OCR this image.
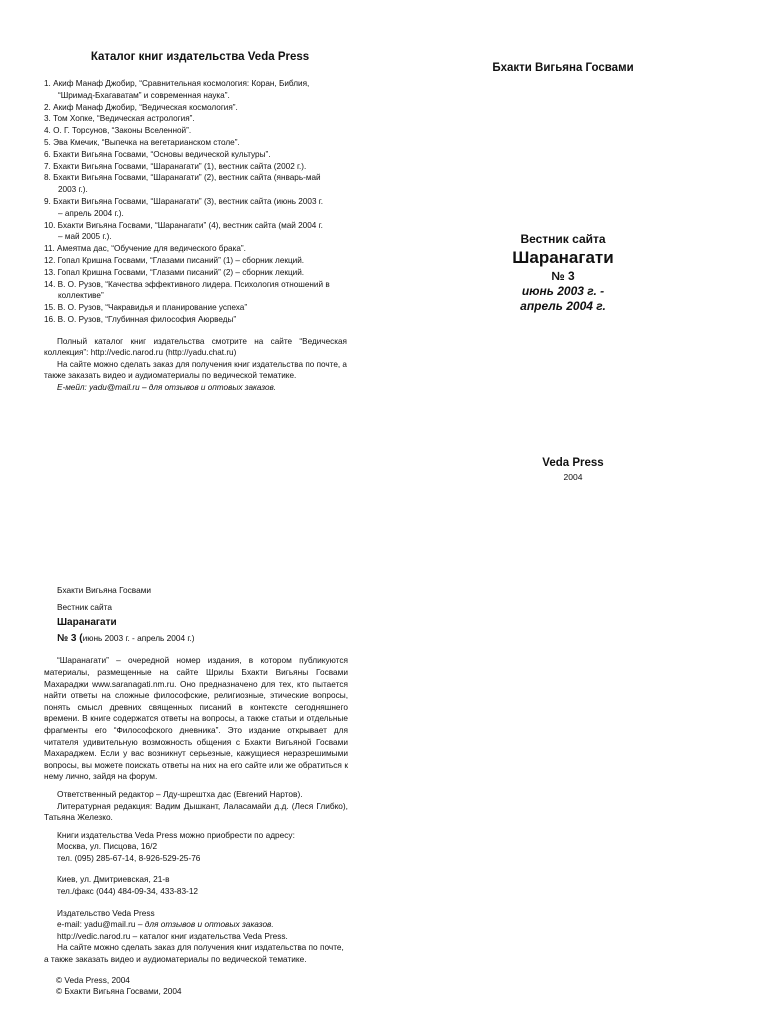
Каталог книг издательства Veda Press
1. Акиф Манаф Джобир, “Сравнительная космология: Коран, Библия,
“Шримад-Бхагаватам” и современная наука”.
2. Акиф Манаф Джобир, “Ведическая космология”.
3. Том Хопке, “Ведическая астрология”.
4. О. Г. Торсунов, “Законы Вселенной”.
5. Эва Кмечик, “Выпечка на вегетарианском столе”.
6. Бхакти Вигьяна Госвами, “Основы ведической культуры”.
7. Бхакти Вигьяна Госвами, “Шаранагати” (1), вестник сайта (2002 г.).
8. Бхакти Вигьяна Госвами, “Шаранагати” (2), вестник сайта (январь-май
2003 г.).
9. Бхакти Вигьяна Госвами, “Шаранагати” (3), вестник сайта (июнь 2003 г.
– апрель 2004 г.).
10. Бхакти Вигьяна Госвами, “Шаранагати” (4), вестник сайта (май 2004 г.
– май 2005 г.).
11. Амеятма дас, “Обучение для ведического брака”.
12. Гопал Кришна Госвами, “Глазами писаний” (1) – сборник лекций.
13. Гопал Кришна Госвами, “Глазами писаний” (2) – сборник лекций.
14. В. О. Рузов, “Качества эффективного лидера. Психология отношений в
коллективе”
15. В. О. Рузов, “Чакравидья и планирование успеха”
16. В. О. Рузов, “Глубинная философия Аюрведы”

Полный каталог книг издательства смотрите на сайте “Ведическая коллекция”: http://vedic.narod.ru (http://yadu.chat.ru)

На сайте можно сделать заказ для получения книг издательства по почте, а также заказать видео и аудиоматериалы по ведической тематике.

E-мейл: yadu@mail.ru – для отзывов и оптовых заказов.

Бхакти Вигьяна Госвами
Вестник сайта
Шаранагати
№ 3
июнь 2003 г. -
апрель 2004 г.
Veda Press
2004
Бхакти Вигьяна Госвами
Вестник сайта
Шаранагати
№ 3 (июнь 2003 г. - апрель 2004 г.)

“Шаранагати” – очередной номер издания, в котором публикуются материалы, размещенные на сайте Шрилы Бхакти Вигьяны Госвами Махараджи www.saranagati.nm.ru. Оно предназначено для тех, кто пытается найти ответы на сложные философские, религиозные, этические вопросы, понять смысл древних священных писаний в контексте сегодняшнего времени. В книге содержатся ответы на вопросы, а также статьи и отдельные фрагменты его “Философского дневника”. Это издание открывает для читателя удивительную возможность общения с Бхакти Вигьяной Госвами Махараджем. Если у вас возникнут серьезные, кажущиеся неразрешимыми вопросы, вы можете поискать ответы на них на его сайте или же обратиться к нему лично, зайдя на форум.

Ответственный редактор – Лду-шрештха дас (Евгений Нартов).

Литературная редакция: Вадим Дышкант, Лаласамайи д.д. (Леся Глибко), Татьяна Железко.

Книги издательства Veda Press можно приобрести по адресу:
Москва, ул. Писцова, 16/2
тел. (095) 285-67-14, 8-926-529-25-76
Киев, ул. Дмитриевская, 21-в
тел./факс (044) 484-09-34, 433-83-12
Издательство Veda Press
e-mail: yadu@mail.ru – для отзывов и оптовых заказов.
http://vedic.narod.ru – каталог книг издательства Veda Press.

На сайте можно сделать заказ для получения книг издательства по почте, а также заказать видео и аудиоматериалы по ведической тематике.

© Veda Press, 2004
© Бхакти Вигьяна Госвами, 2004
